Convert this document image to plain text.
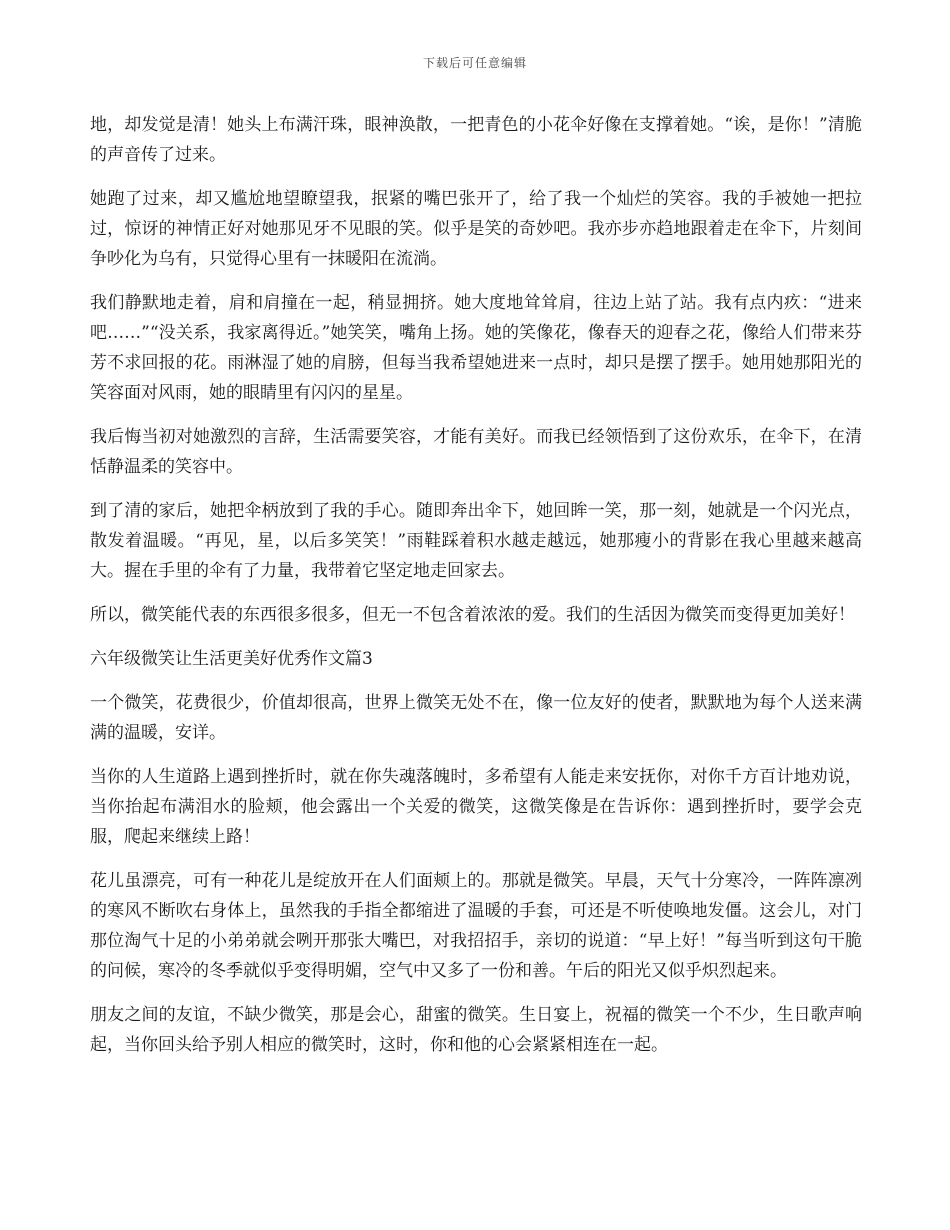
下载后可任意编辑

地，却发觉是清！她头上布满汗珠，眼神涣散，一把青色的小花伞好像在支撑着她。“诶，是你！”清脆的声音传了过来。

她跑了过来，却又尴尬地望瞭望我，抿紧的嘴巴张开了，给了我一个灿烂的笑容。我的手被她一把拉过，惊讶的神情正好对她那见牙不见眼的笑。似乎是笑的奇妙吧。我亦步亦趋地跟着走在伞下，片刻间争吵化为乌有，只觉得心里有一抹暖阳在流淌。

我们静默地走着，肩和肩撞在一起，稍显拥挤。她大度地耸耸肩，往边上站了站。我有点内疚：“进来吧……”“没关系，我家离得近。”她笑笑，嘴角上扬。她的笑像花，像春天的迎春之花，像给人们带来芬芳不求回报的花。雨淋湿了她的肩膀，但每当我希望她进来一点时，却只是摆了摆手。她用她那阳光的笑容面对风雨，她的眼睛里有闪闪的星星。

我后悔当初对她激烈的言辞，生活需要笑容，才能有美好。而我已经领悟到了这份欢乐，在伞下，在清恬静温柔的笑容中。

到了清的家后，她把伞柄放到了我的手心。随即奔出伞下，她回眸一笑，那一刻，她就是一个闪光点，散发着温暖。“再见，星，以后多笑笑！”雨鞋踩着积水越走越远，她那瘦小的背影在我心里越来越高大。握在手里的伞有了力量，我带着它坚定地走回家去。

所以，微笑能代表的东西很多很多，但无一不包含着浓浓的爱。我们的生活因为微笑而变得更加美好！

六年级微笑让生活更美好优秀作文篇3

一个微笑，花费很少，价值却很高，世界上微笑无处不在，像一位友好的使者，默默地为每个人送来满满的温暖，安详。

当你的人生道路上遇到挫折时，就在你失魂落魄时，多希望有人能走来安抚你，对你千方百计地劝说，当你抬起布满泪水的脸颊，他会露出一个关爱的微笑，这微笑像是在告诉你：遇到挫折时，要学会克服，爬起来继续上路！

花儿虽漂亮，可有一种花儿是绽放开在人们面颊上的。那就是微笑。早晨，天气十分寒冷，一阵阵凛冽的寒风不断吹右身体上，虽然我的手指全都缩进了温暖的手套，可还是不听使唤地发僵。这会儿，对门那位淘气十足的小弟弟就会咧开那张大嘴巴，对我招招手，亲切的说道：“早上好！”每当听到这句干脆的问候，寒冷的冬季就似乎变得明媚，空气中又多了一份和善。午后的阳光又似乎炽烈起来。

朋友之间的友谊，不缺少微笑，那是会心，甜蜜的微笑。生日宴上，祝福的微笑一个不少，生日歌声响起，当你回头给予别人相应的微笑时，这时，你和他的心会紧紧相连在一起。
